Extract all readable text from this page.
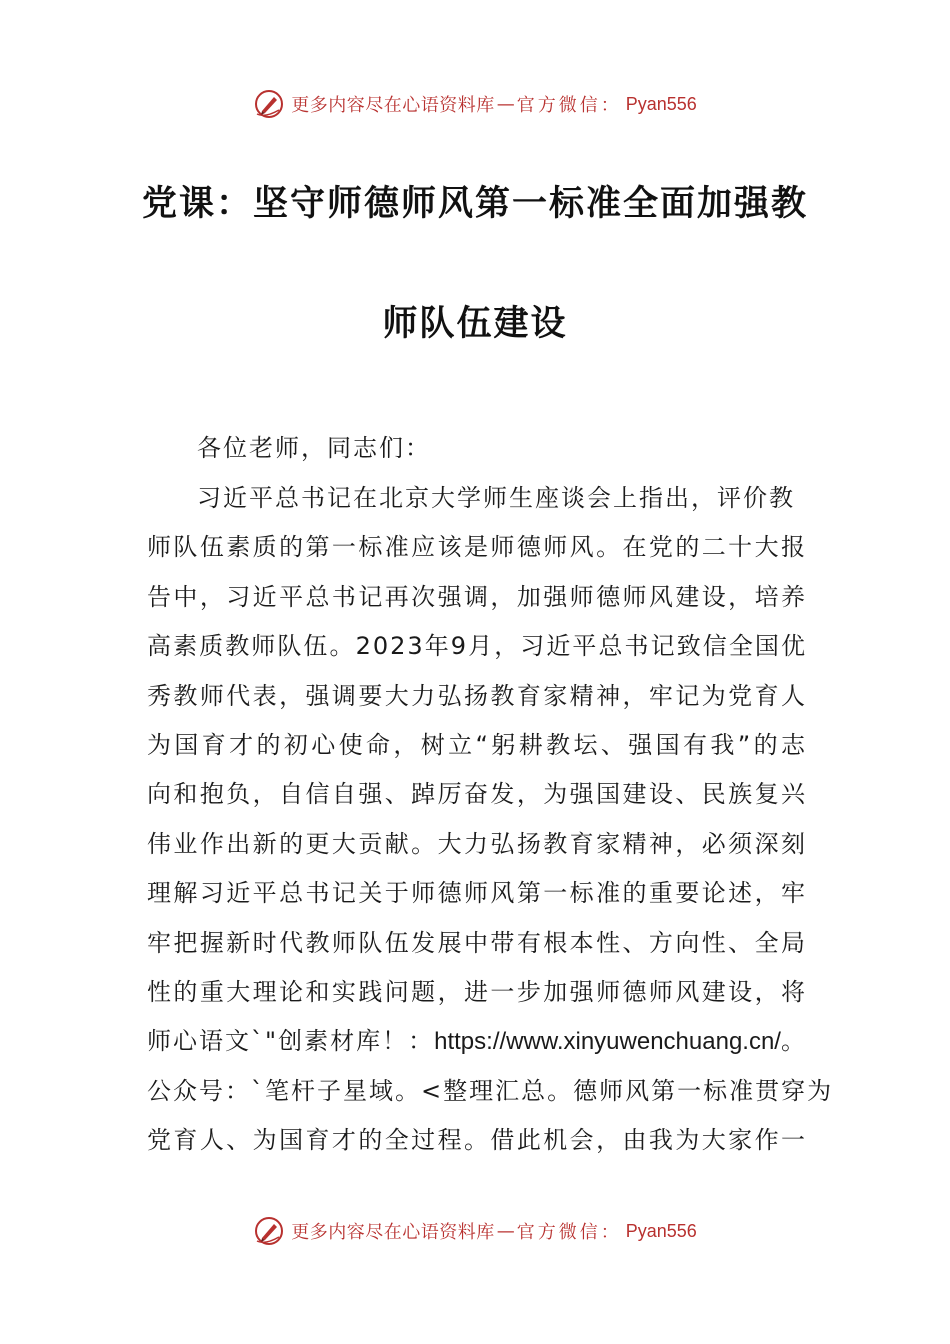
更多内容尽在心语资料库 — 官方微信： Pyan556
党课：坚守师德师风第一标准全面加强教
师队伍建设
各位老师，同志们：
习近平总书记在北京大学师生座谈会上指出，评价教
师队伍素质的第一标准应该是师德师风。在党的二十大报
告中，习近平总书记再次强调，加强师德师风建设，培养
高素质教师队伍。2023年9月，习近平总书记致信全国优
秀教师代表，强调要大力弘扬教育家精神，牢记为党育人
为国育才的初心使命，树立“躬耕教坛、强国有我”的志
向和抱负，自信自强、踔厉奋发，为强国建设、民族复兴
伟业作出新的更大贡献。大力弘扬教育家精神，必须深刻
理解习近平总书记关于师德师风第一标准的重要论述，牢
牢把握新时代教师队伍发展中带有根本性、方向性、全局
性的重大理论和实践问题，进一步加强师德师风建设，将
师心语文`"创素材库！：https://www.xinyuwenchuang.cn/。
公众号：`笔杆子星域。<整理汇总。德师风第一标准贯穿为
党育人、为国育才的全过程。借此机会，由我为大家作一
更多内容尽在心语资料库 — 官方微信： Pyan556
